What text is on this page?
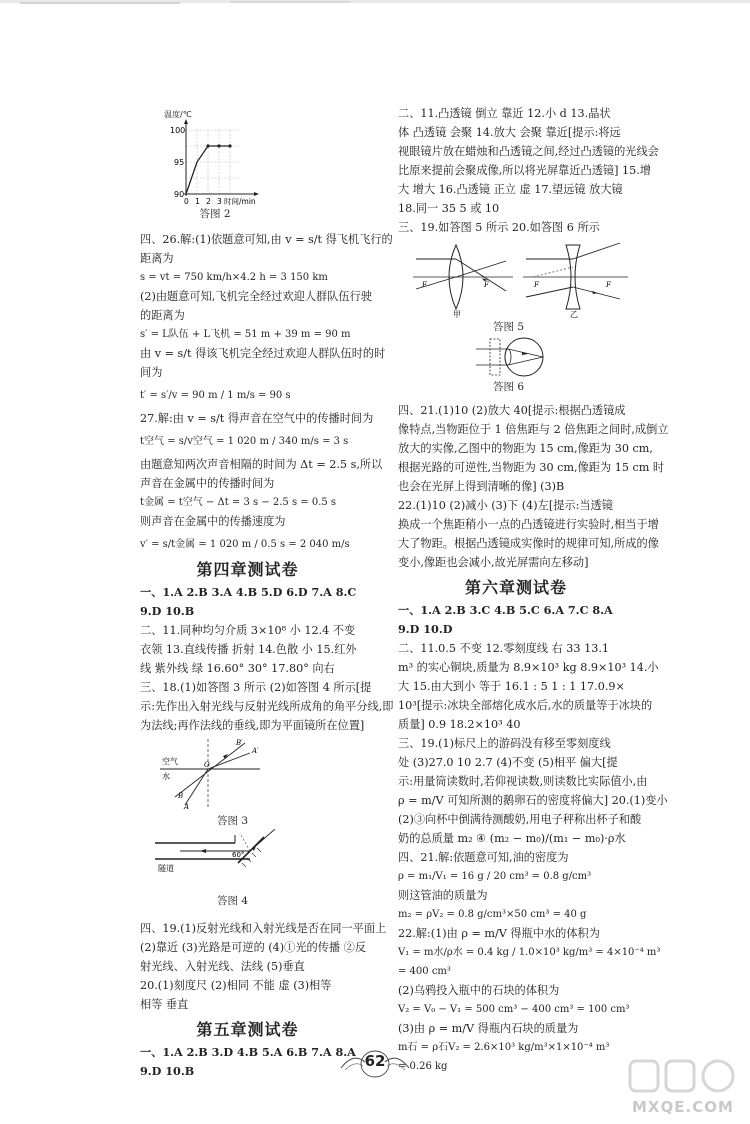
温度/℃
100
95
90
0 1 2 3 时间/min
答图 2
四、26.解:(1)依题意可知,由 v = s/t 得飞机飞行的
距离为
s = vt = 750 km/h×4.2 h = 3 150 km
(2)由题意可知,飞机完全经过欢迎人群队伍行驶
的距离为
s′ = L队伍 + L飞机 = 51 m + 39 m = 90 m
由 v = s/t 得该飞机完全经过欢迎人群队伍时的时
间为
t′ = s′/v = 90 m / 1 m/s = 90 s
27.解:由 v = s/t 得声音在空气中的传播时间为
t空气 = s/v空气 = 1 020 m / 340 m/s = 3 s
由题意知两次声音相隔的时间为 Δt = 2.5 s,所以
声音在金属中的传播时间为
t金属 = t空气 − Δt = 3 s − 2.5 s = 0.5 s
则声音在金属中的传播速度为
v′ = s/t金属 = 1 020 m / 0.5 s = 2 040 m/s
第四章测试卷
一、1.A 2.B 3.A 4.B 5.D 6.D 7.A 8.C
9.D 10.B
二、11.同种均匀介质 3×10⁸ 小 12.4 不变
衣领 13.直线传播 折射 14.色散 小 15.红外
线 紫外线 绿 16.60° 30° 17.80° 向右
三、18.(1)如答图 3 所示 (2)如答图 4 所示[提
示:先作出入射光线与反射光线所成角的角平分线,即
为法线;再作法线的垂线,即为平面镜所在位置]
空气
水
B′
A′
O
B
A
答图 3
60°
隧道
答图 4
四、19.(1)反射光线和入射光线是否在同一平面上
(2)靠近 (3)光路是可逆的 (4)①光的传播 ②反
射光线、入射光线、法线 (5)垂直
20.(1)刻度尺 (2)相同 不能 虚 (3)相等
相等 垂直
第五章测试卷
一、1.A 2.B 3.D 4.B 5.A 6.B 7.A 8.A
9.D 10.B
二、11.凸透镜 倒立 靠近 12.小 d 13.晶状
体 凸透镜 会聚 14.放大 会聚 靠近[提示:将远
视眼镜片放在蜡烛和凸透镜之间,经过凸透镜的光线会
比原来提前会聚成像,所以将光屏靠近凸透镜] 15.增
大 增大 16.凸透镜 正立 虚 17.望远镜 放大镜
18.同一 35 5 或 10
三、19.如答图 5 所示 20.如答图 6 所示
F	F
甲
F	F
乙
答图 5
答图 6
四、21.(1)10 (2)放大 40[提示:根据凸透镜成
像特点,当物距位于 1 倍焦距与 2 倍焦距之间时,成倒立
放大的实像,乙图中的物距为 15 cm,像距为 30 cm,
根据光路的可逆性,当物距为 30 cm,像距为 15 cm 时
也会在光屏上得到清晰的像] (3)B
22.(1)10 (2)减小 (3)下 (4)左[提示:当透镜
换成一个焦距稍小一点的凸透镜进行实验时,相当于增
大了物距。根据凸透镜成实像时的规律可知,所成的像
变小,像距也会减小,故光屏需向左移动]
第六章测试卷
一、1.A 2.B 3.C 4.B 5.C 6.A 7.C 8.A
9.D 10.D
二、11.0.5 不变 12.零刻度线 右 33 13.1
m³ 的实心铜块,质量为 8.9×10³ kg 8.9×10³ 14.小
大 15.由大到小 等于 16.1 : 5 1 : 1 17.0.9×
10³[提示:冰块全部熔化成水后,水的质量等于冰块的
质量] 0.9 18.2×10³ 40
三、19.(1)标尺上的游码没有移至零刻度线
处 (3)27.0 10 2.7 (4)不变 (5)相平 偏大[提
示:用量筒读数时,若仰视读数,则读数比实际值小,由
ρ = m/V 可知所测的鹅卵石的密度将偏大] 20.(1)变小
(2)③向杯中倒满待测酸奶,用电子秤称出杯子和酸
奶的总质量 m₂ ④ (m₂ − m₀)/(m₁ − m₀)·ρ水
四、21.解:依题意可知,油的密度为
ρ = m₁/V₁ = 16 g / 20 cm³ = 0.8 g/cm³
则这管油的质量为
m₂ = ρV₂ = 0.8 g/cm³×50 cm³ = 40 g
22.解:(1)由 ρ = m/V 得瓶中水的体积为
V₁ = m水/ρ水 = 0.4 kg / 1.0×10³ kg/m³ = 4×10⁻⁴ m³
= 400 cm³
(2)乌鸦投入瓶中的石块的体积为
V₂ = V₀ − V₁ = 500 cm³ − 400 cm³ = 100 cm³
(3)由 ρ = m/V 得瓶内石块的质量为
m石 = ρ石V₂ = 2.6×10³ kg/m³×1×10⁻⁴ m³
= 0.26 kg
62
MXQE.COM
